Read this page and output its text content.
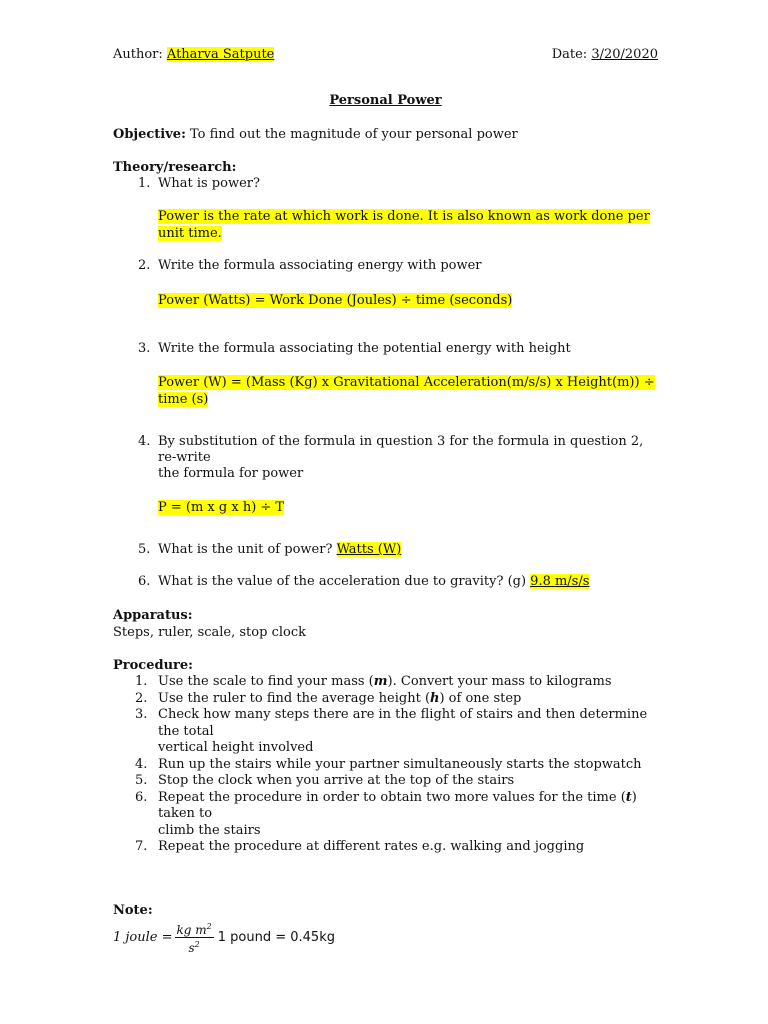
Author: Atharva Satpute	Date: 3/20/2020
Personal Power
Objective: To find out the magnitude of your personal power
Theory/research:
1. What is power?
Power is the rate at which work is done. It is also known as work done per unit time.
2. Write the formula associating energy with power
Power (Watts) = Work Done (Joules) ÷ time (seconds)
3. Write the formula associating the potential energy with height
Power (W) = (Mass (Kg) x Gravitational Acceleration(m/s/s) x Height(m)) ÷ time (s)
4. By substitution of the formula in question 3 for the formula in question 2, re-write
the formula for power
P = (m x g x h) ÷ T
5. What is the unit of power? Watts (W)
6. What is the value of the acceleration due to gravity? (g) 9.8 m/s/s
Apparatus:
Steps, ruler, scale, stop clock
Procedure:
1. Use the scale to find your mass (m). Convert your mass to kilograms
2. Use the ruler to find the average height (h) of one step
3. Check how many steps there are in the flight of stairs and then determine the total
vertical height involved
4. Run up the stairs while your partner simultaneously starts the stopwatch
5. Stop the clock when you arrive at the top of the stairs
6. Repeat the procedure in order to obtain two more values for the time (t) taken to
climb the stairs
7. Repeat the procedure at different rates e.g. walking and jogging
Note:
1 joule = $\frac{kg m^2}{s^2} 1$ pound = 0.45kg
